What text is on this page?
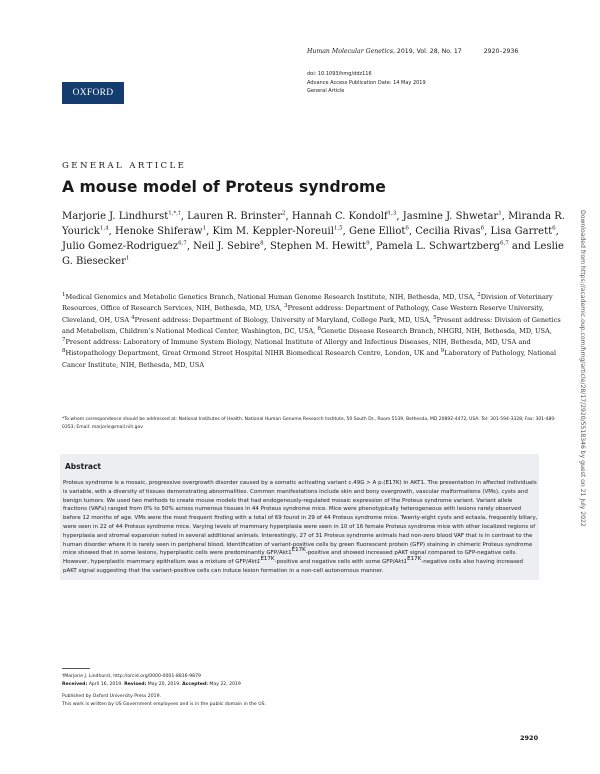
OXFORD
Human Molecular Genetics, 2019, Vol. 28, No. 17	2920–2936
doi: 10.1093/hmg/ddz116
Advance Access Publication Date: 14 May 2019
General Article
GENERAL ARTICLE
A mouse model of Proteus syndrome
Marjorie J. Lindhurst$^{1,*,\dagger}$, Lauren R. Brinster$^2$, Hannah C. Kondolf$^{1,3}$, Jasmine J. Shwetar$^1$, Miranda R. Yourick$^{1,4}$, Henoke Shiferaw$^1$, Kim M. Keppler-Noreuil$^{1,5}$, Gene Elliot$^6$, Cecilia Rivas$^6$, Lisa Garrett$^6$, Julio Gomez-Rodriguez$^{6,7}$, Neil J. Sebire$^8$, Stephen M. Hewitt$^9$, Pamela L. Schwartzberg$^{6,7}$ and Leslie G. Biesecker$^1$
$^1$Medical Genomics and Metabolic Genetics Branch, National Human Genome Research Institute, NIH, Bethesda, MD, USA, $^2$Division of Veterinary Resources, Office of Research Services, NIH, Bethesda, MD, USA, $^3$Present address: Department of Pathology, Case Western Reserve University, Cleveland, OH, USA $^4$Present address: Department of Biology, University of Maryland, College Park, MD, USA, $^5$Present address: Division of Genetics and Metabolism, Children’s National Medical Center, Washington, DC, USA, $^6$Genetic Disease Research Branch, NHGRI, NIH, Bethesda, MD, USA, $^7$Present address: Laboratory of Immune System Biology, National Institute of Allergy and Infectious Diseases, NIH, Bethesda, MD, USA and $^8$Histopathology Department, Great Ormond Street Hospital NIHR Biomedical Research Centre, London, UK and $^9$Laboratory of Pathology, National Cancer Institute, NIH, Bethesda, MD, USA
*To whom correspondence should be addressed at: National Institutes of Health, National Human Genome Research Institute, 50 South Dr., Room 5139, Bethesda, MD 20892-4472, USA. Tel: 301-594-3328; Fax: 301-480-0353; Email: marjorie@mail.nih.gov
Abstract
Proteus syndrome is a mosaic, progressive overgrowth disorder caused by a somatic activating variant c.49G > A p.(E17K) in AKT1. The presentation in affected individuals is variable, with a diversity of tissues demonstrating abnormalities. Common manifestations include skin and bony overgrowth, vascular malformations (VMs), cysts and benign tumors. We used two methods to create mouse models that had endogenously-regulated mosaic expression of the Proteus syndrome variant. Variant allele fractions (VAFs) ranged from 0% to 50% across numerous tissues in 44 Proteus syndrome mice. Mice were phenotypically heterogeneous with lesions rarely observed before 12 months of age. VMs were the most frequent finding with a total of 69 found in 29 of 44 Proteus syndrome mice. Twenty-eight cysts and ectasia, frequently biliary, were seen in 22 of 44 Proteus syndrome mice. Varying levels of mammary hyperplasia were seen in 10 of 16 female Proteus syndrome mice with other localized regions of hyperplasia and stromal expansion noted in several additional animals. Interestingly, 27 of 31 Proteus syndrome animals had non-zero blood VAF that is in contrast to the human disorder where it is rarely seen in peripheral blood. Identification of variant-positive cells by green fluorescent protein (GFP) staining in chimeric Proteus syndrome mice showed that in some lesions, hyperplastic cells were predominantly GFP/$Akt1^{E17K}$-positive and showed increased pAKT signal compared to GFP-negative cells. However, hyperplastic mammary epithelium was a mixture of GFP/$Akt1^{E17K}$-positive and negative cells with some GFP/$Akt1^{E17K}$-negative cells also having increased pAKT signal suggesting that the variant-positive cells can induce lesion formation in a non-cell autonomous manner.
†Marjorie J. Lindhurst, http://orcid.org/0000-0001-8816-9879
Received: April 16, 2019. Revised: May 20, 2019. Accepted: May 22, 2019
Published by Oxford University Press 2019.
This work is written by US Government employees and is in the public domain in the US.
2920
Downloaded from https://academic.oup.com/hmg/article/28/17/2920/5518346 by guest on 21 July 2022
